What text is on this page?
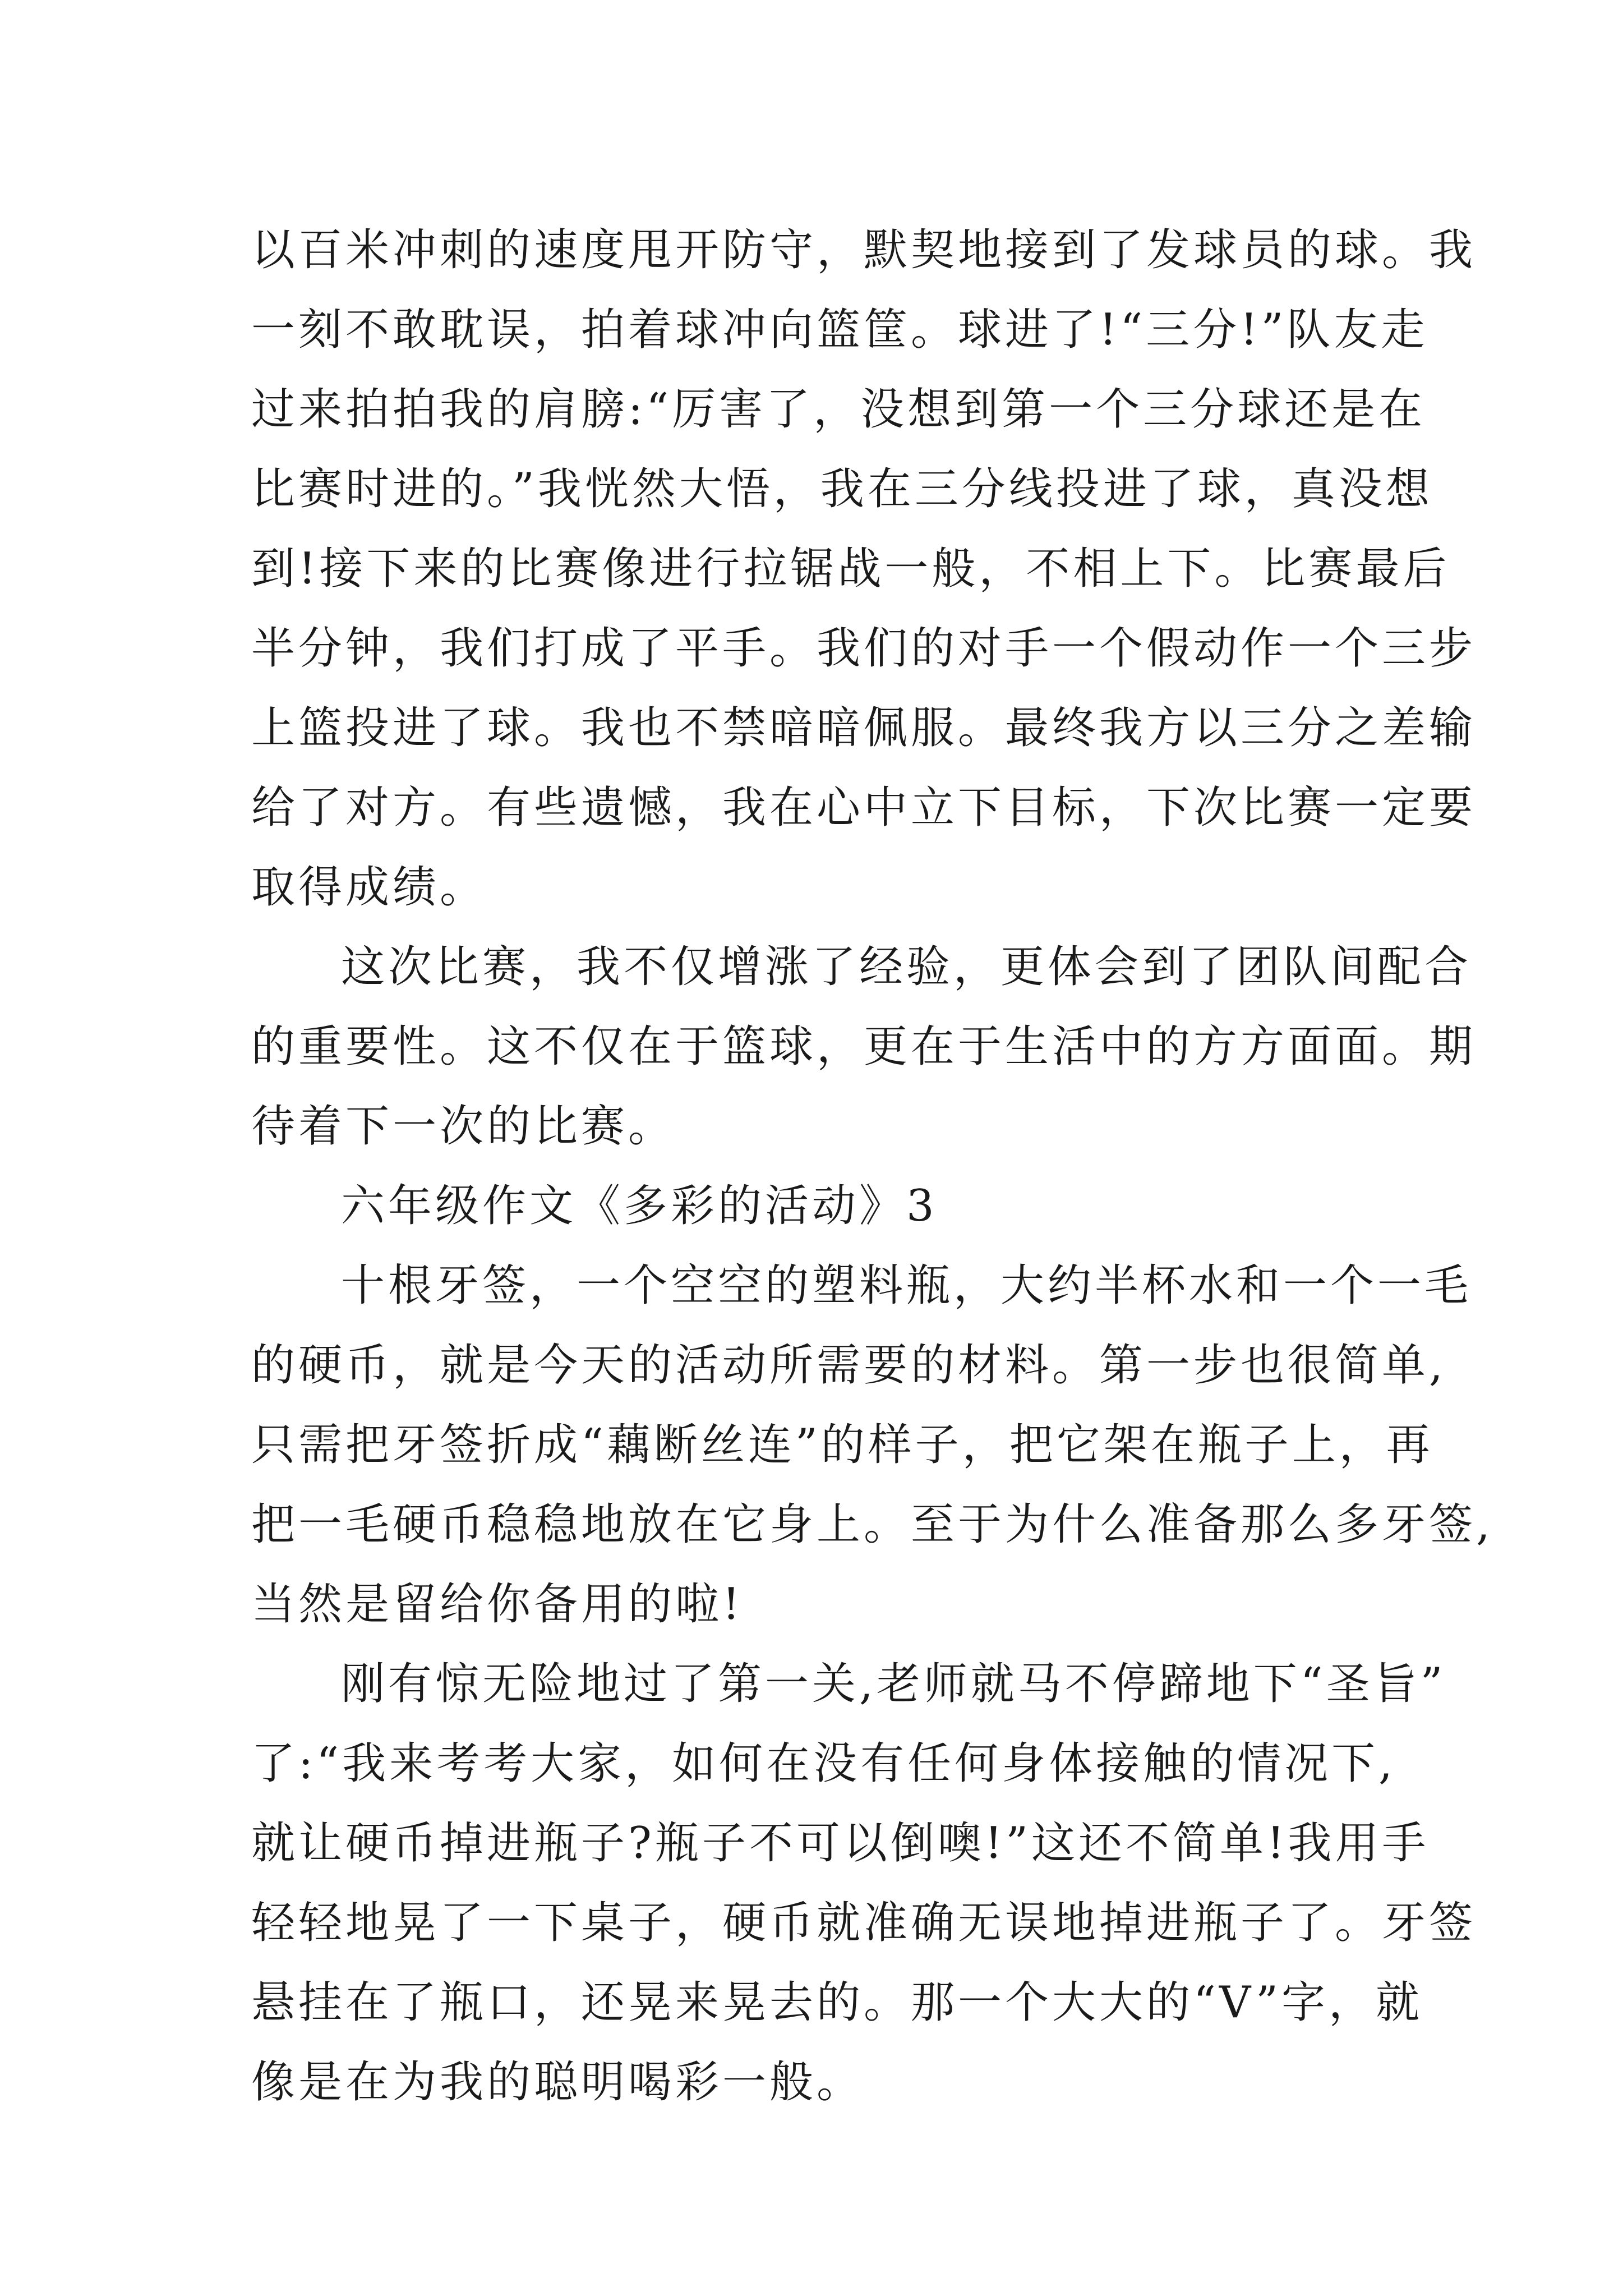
以百米冲刺的速度甩开防守，默契地接到了发球员的球。我
一刻不敢耽误，拍着球冲向篮筐。球进了!“三分!”队友走
过来拍拍我的肩膀:“厉害了，没想到第一个三分球还是在
比赛时进的。”我恍然大悟，我在三分线投进了球，真没想
到!接下来的比赛像进行拉锯战一般，不相上下。比赛最后
半分钟，我们打成了平手。我们的对手一个假动作一个三步
上篮投进了球。我也不禁暗暗佩服。最终我方以三分之差输
给了对方。有些遗憾，我在心中立下目标，下次比赛一定要
取得成绩。
这次比赛，我不仅增涨了经验，更体会到了团队间配合
的重要性。这不仅在于篮球，更在于生活中的方方面面。期
待着下一次的比赛。
六年级作文《多彩的活动》3
十根牙签，一个空空的塑料瓶，大约半杯水和一个一毛
的硬币，就是今天的活动所需要的材料。第一步也很简单,
只需把牙签折成“藕断丝连”的样子，把它架在瓶子上，再
把一毛硬币稳稳地放在它身上。至于为什么准备那么多牙签,
当然是留给你备用的啦!
刚有惊无险地过了第一关,老师就马不停蹄地下“圣旨”
了:“我来考考大家，如何在没有任何身体接触的情况下,
就让硬币掉进瓶子?瓶子不可以倒噢!”这还不简单!我用手
轻轻地晃了一下桌子，硬币就准确无误地掉进瓶子了。牙签
悬挂在了瓶口，还晃来晃去的。那一个大大的“V”字，就
像是在为我的聪明喝彩一般。
